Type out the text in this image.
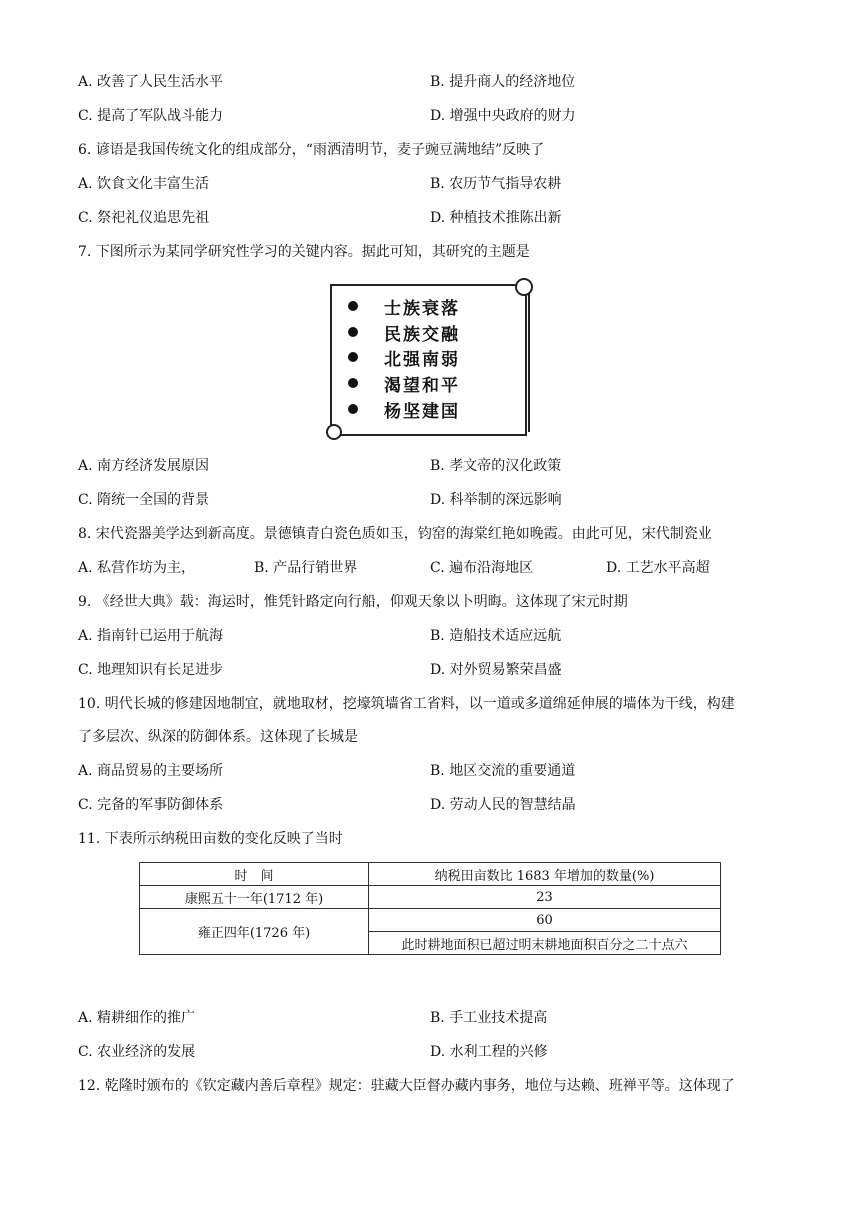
A. 改善了人民生活水平	B. 提升商人的经济地位
C. 提高了军队战斗能力	D. 增强中央政府的财力
6. 谚语是我国传统文化的组成部分，“雨洒清明节，麦子豌豆满地结”反映了
A. 饮食文化丰富生活	B. 农历节气指导农耕
C. 祭祀礼仪追思先祖	D. 种植技术推陈出新
7. 下图所示为某同学研究性学习的关键内容。据此可知，其研究的主题是
士族衰落
民族交融
北强南弱
渴望和平
杨坚建国
A. 南方经济发展原因	B. 孝文帝的汉化政策
C. 隋统一全国的背景	D. 科举制的深远影响
8. 宋代瓷器美学达到新高度。景德镇青白瓷色质如玉，钧窑的海棠红艳如晚霞。由此可见，宋代制瓷业
A. 私营作坊为主，	B. 产品行销世界	C. 遍布沿海地区	D. 工艺水平高超
9. 《经世大典》载：海运时，惟凭针路定向行船，仰观天象以卜明晦。这体现了宋元时期
A. 指南针已运用于航海	B. 造船技术适应远航
C. 地理知识有长足进步	D. 对外贸易繁荣昌盛
10. 明代长城的修建因地制宜，就地取材，挖壕筑墙省工省料，以一道或多道绵延伸展的墙体为干线，构建
了多层次、纵深的防御体系。这体现了长城是
A. 商品贸易的主要场所	B. 地区交流的重要通道
C. 完备的军事防御体系	D. 劳动人民的智慧结晶
11. 下表所示纳税田亩数的变化反映了当时
时　间	纳税田亩数比 1683 年增加的数量(%)
康熙五十一年(1712 年)	23
雍正四年(1726 年)	60
	此时耕地面积已超过明末耕地面积百分之二十点六
A. 精耕细作的推广	B. 手工业技术提高
C. 农业经济的发展	D. 水利工程的兴修
12. 乾隆时颁布的《钦定藏内善后章程》规定：驻藏大臣督办藏内事务，地位与达赖、班禅平等。这体现了
